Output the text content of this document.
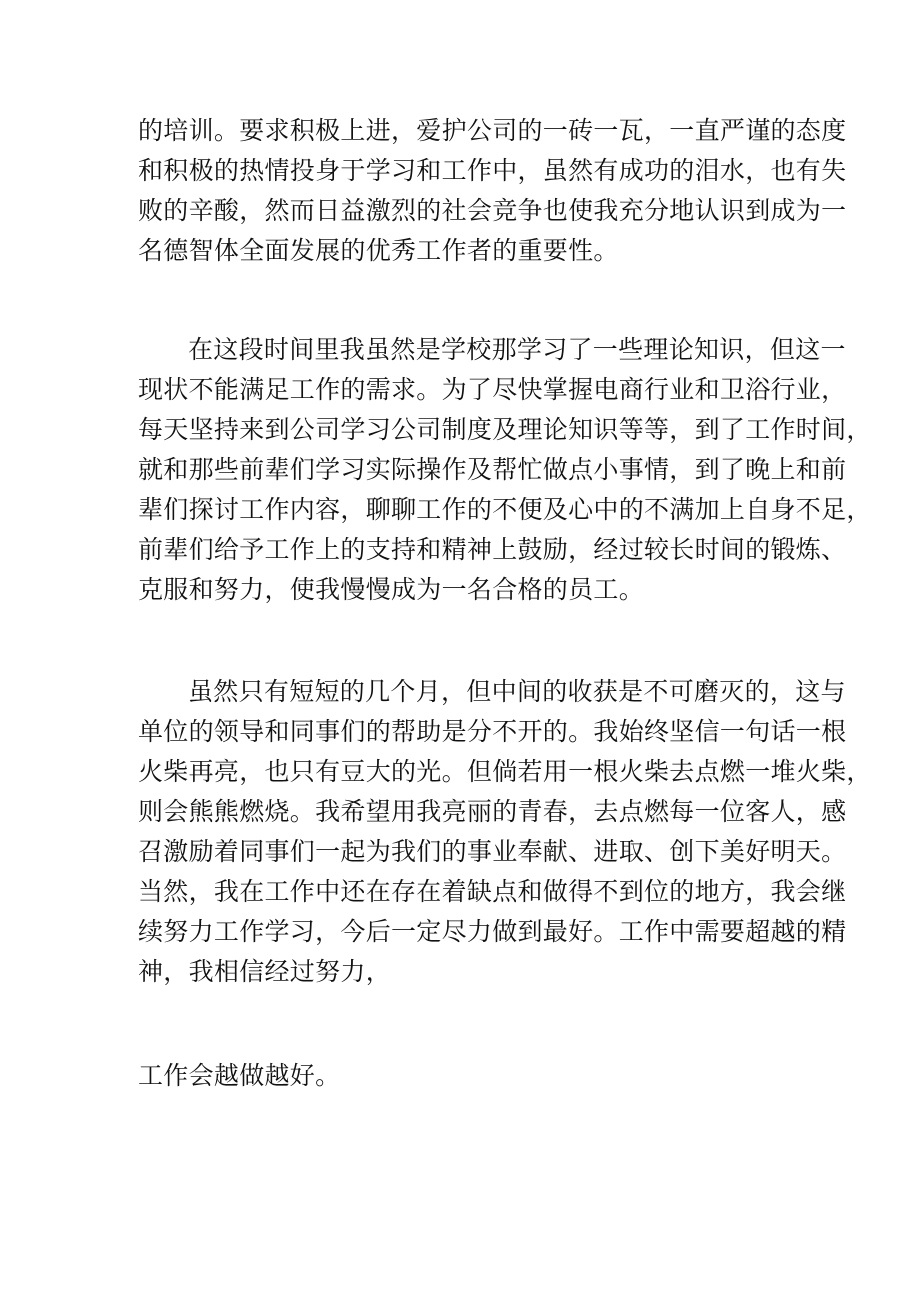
的培训。要求积极上进，爱护公司的一砖一瓦，一直严谨的态度
和积极的热情投身于学习和工作中，虽然有成功的泪水，也有失
败的辛酸，然而日益激烈的社会竞争也使我充分地认识到成为一
名德智体全面发展的优秀工作者的重要性。
在这段时间里我虽然是学校那学习了一些理论知识，但这一
现状不能满足工作的需求。为了尽快掌握电商行业和卫浴行业，
每天坚持来到公司学习公司制度及理论知识等等，到了工作时间，
就和那些前辈们学习实际操作及帮忙做点小事情，到了晚上和前
辈们探讨工作内容，聊聊工作的不便及心中的不满加上自身不足，
前辈们给予工作上的支持和精神上鼓励，经过较长时间的锻炼、
克服和努力，使我慢慢成为一名合格的员工。
虽然只有短短的几个月，但中间的收获是不可磨灭的，这与
单位的领导和同事们的帮助是分不开的。我始终坚信一句话一根
火柴再亮，也只有豆大的光。但倘若用一根火柴去点燃一堆火柴，
则会熊熊燃烧。我希望用我亮丽的青春，去点燃每一位客人，感
召激励着同事们一起为我们的事业奉献、进取、创下美好明天。
当然，我在工作中还在存在着缺点和做得不到位的地方，我会继
续努力工作学习，今后一定尽力做到最好。工作中需要超越的精
神，我相信经过努力，
工作会越做越好。
